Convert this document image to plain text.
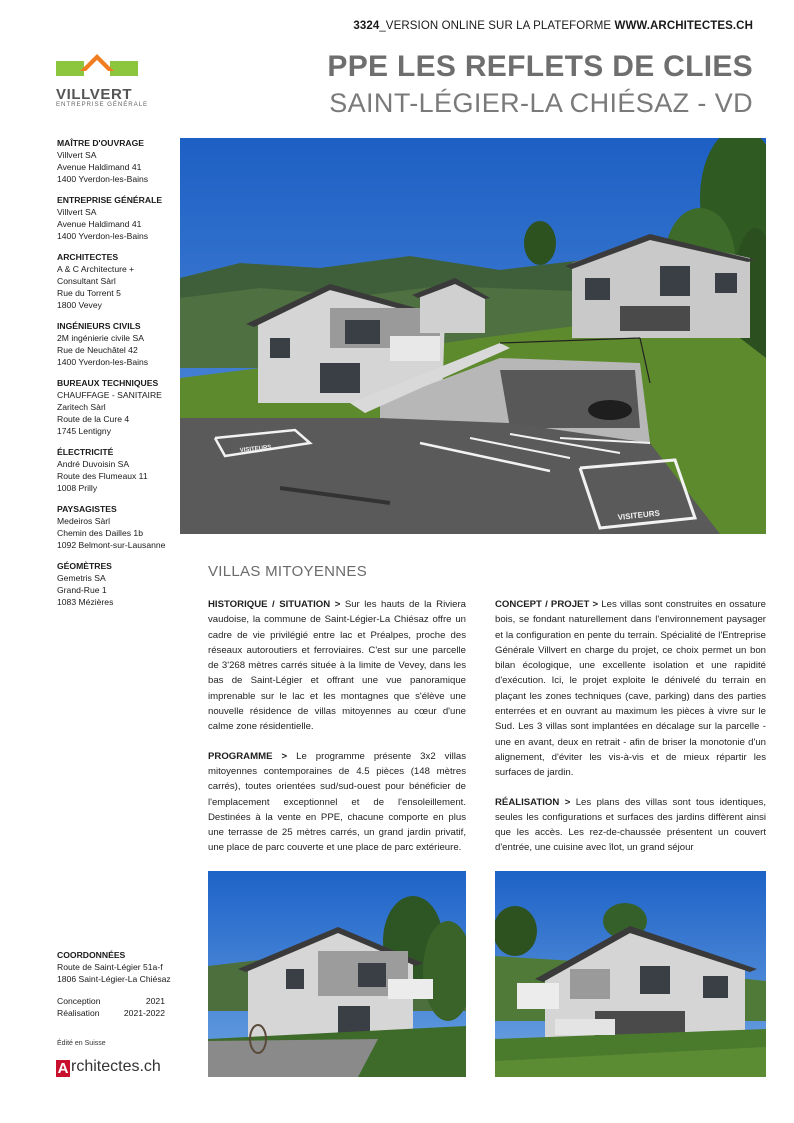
3324_VERSION ONLINE SUR LA PLATEFORME WWW.ARCHITECTES.CH
PPE LES REFLETS DE CLIES
SAINT-LÉGIER-LA CHIÉSAZ - VD
VILLVERT
ENTREPRISE GÉNÉRALE
MAÎTRE D'OUVRAGE
Villvert SA
Avenue Haldimand 41
1400 Yverdon-les-Bains
ENTREPRISE GÉNÉRALE
Villvert SA
Avenue Haldimand 41
1400 Yverdon-les-Bains
ARCHITECTES
A & C Architecture +
Consultant Sàrl
Rue du Torrent 5
1800 Vevey
INGÉNIEURS CIVILS
2M ingénierie civile SA
Rue de Neuchâtel 42
1400 Yverdon-les-Bains
BUREAUX TECHNIQUES
CHAUFFAGE - SANITAIRE
Zaritech Sàrl
Route de la Cure 4
1745 Lentigny
ÉLECTRICITÉ
André Duvoisin SA
Route des Flumeaux 11
1008 Prilly
PAYSAGISTES
Medeiros Sàrl
Chemin des Dailles 1b
1092 Belmont-sur-Lausanne
GÉOMÈTRES
Gemetris SA
Grand-Rue 1
1083 Mézières
COORDONNÉES
Route de Saint-Légier 51a-f
1806 Saint-Légier-La Chiésaz
Conception	2021
Réalisation	2021-2022
Édité en Suisse
A rchitectes.ch
VISITEURS
VISITEURS
VILLAS MITOYENNES

HISTORIQUE / SITUATION > Sur les hauts de la Riviera vaudoise, la commune de Saint-Légier-La Chiésaz offre un cadre de vie privilégié entre lac et Préalpes, proche des réseaux autoroutiers et ferroviaires. C'est sur une parcelle de 3'268 mètres carrés située à la limite de Vevey, dans les bas de Saint-Légier et offrant une vue panoramique imprenable sur le lac et les montagnes que s'élève une nouvelle résidence de villas mitoyennes au cœur d'une calme zone résidentielle.

PROGRAMME > Le programme présente 3x2 villas mitoyennes contemporaines de 4.5 pièces (148 mètres carrés), toutes orientées sud/sud-ouest pour bénéficier de l'emplacement exceptionnel et de l'ensoleillement. Destinées à la vente en PPE, chacune comporte en plus une terrasse de 25 mètres carrés, un grand jardin privatif, une place de parc couverte et une place de parc extérieure.

CONCEPT / PROJET > Les villas sont construites en ossature bois, se fondant naturellement dans l'environnement paysager et la configuration en pente du terrain. Spécialité de l'Entreprise Générale Villvert en charge du projet, ce choix permet un bon bilan écologique, une excellente isolation et une rapidité d'exécution. Ici, le projet exploite le dénivelé du terrain en plaçant les zones techniques (cave, parking) dans des parties enterrées et en ouvrant au maximum les pièces à vivre sur le Sud. Les 3 villas sont implantées en décalage sur la parcelle - une en avant, deux en retrait - afin de briser la monotonie d'un alignement, d'éviter les vis-à-vis et de mieux répartir les surfaces de jardin.

RÉALISATION > Les plans des villas sont tous identiques, seules les configurations et surfaces des jardins diffèrent ainsi que les accès. Les rez-de-chaussée présentent un couvert d'entrée, une cuisine avec îlot, un grand séjour
